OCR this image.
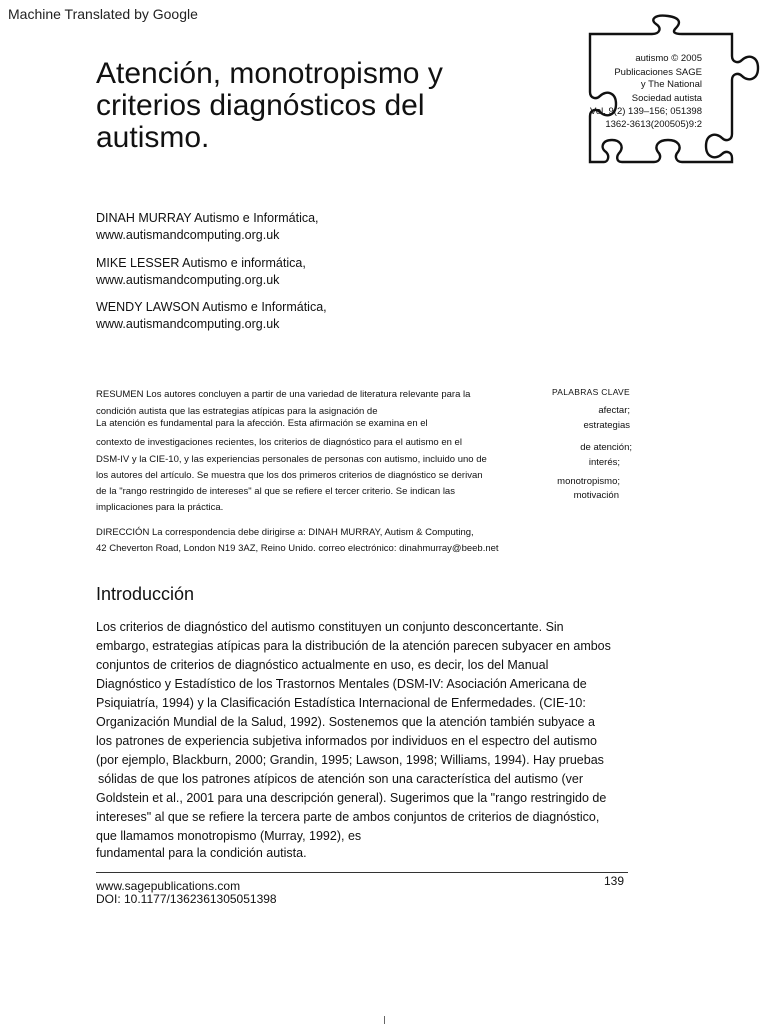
Machine Translated by Google
Atención, monotropismo y
criterios diagnósticos del
autismo.
autismo © 2005
Publicaciones SAGE
y The National
Sociedad autista
Vol. 9(2) 139–156; 051398
1362-3613(200505)9:2
DINAH MURRAY Autismo e Informática,
www.autismandcomputing.org.uk
MIKE LESSER Autismo e informática,
www.autismandcomputing.org.uk
WENDY LAWSON Autismo e Informática,
www.autismandcomputing.org.uk
RESUMEN Los autores concluyen a partir de una variedad de literatura relevante para la
condición autista que las estrategias atípicas para la asignación de
La atención es fundamental para la afección. Esta afirmación se examina en el
contexto de investigaciones recientes, los criterios de diagnóstico para el autismo en el
DSM-IV y la CIE-10, y las experiencias personales de personas con autismo, incluido uno de
los autores del artículo. Se muestra que los dos primeros criterios de diagnóstico se derivan
de la "rango restringido de intereses" al que se refiere el tercer criterio. Se indican las
implicaciones para la práctica.
DIRECCIÓN La correspondencia debe dirigirse a: DINAH MURRAY, Autism & Computing,
42 Cheverton Road, London N19 3AZ, Reino Unido. correo electrónico: dinahmurray@beeb.net
PALABRAS CLAVE
afectar;
estrategias
de atención;
interés;
monotropismo;
motivación
Introducción
Los criterios de diagnóstico del autismo constituyen un conjunto desconcertante. Sin
embargo, estrategias atípicas para la distribución de la atención parecen subyacer en ambos
conjuntos de criterios de diagnóstico actualmente en uso, es decir, los del Manual
Diagnóstico y Estadístico de los Trastornos Mentales (DSM-IV: Asociación Americana de
Psiquiatría, 1994) y la Clasificación Estadística Internacional de Enfermedades. (CIE-10:
Organización Mundial de la Salud, 1992). Sostenemos que la atención también subyace a
los patrones de experiencia subjetiva informados por individuos en el espectro del autismo
(por ejemplo, Blackburn, 2000; Grandin, 1995; Lawson, 1998; Williams, 1994). Hay pruebas
sólidas de que los patrones atípicos de atención son una característica del autismo (ver
Goldstein et al., 2001 para una descripción general). Sugerimos que la "rango restringido de
intereses" al que se refiere la tercera parte de ambos conjuntos de criterios de diagnóstico,
que llamamos monotropismo (Murray, 1992), es
fundamental para la condición autista.
139
www.sagepublications.com
DOI: 10.1177/1362361305051398
